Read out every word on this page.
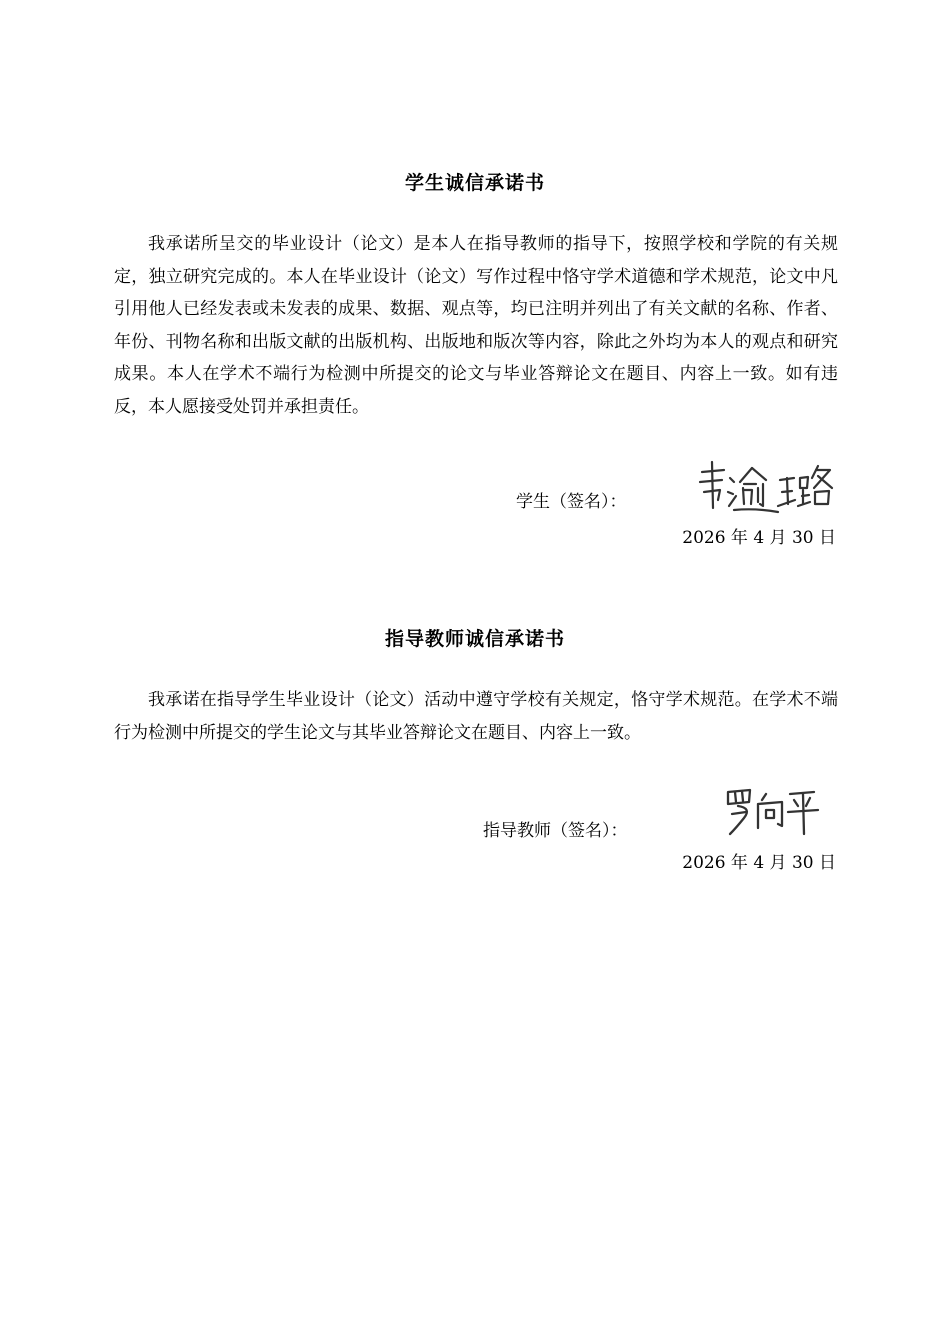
学生诚信承诺书

我承诺所呈交的毕业设计（论文）是本人在指导教师的指导下，按照学校和学院的有关规定，独立研究完成的。本人在毕业设计（论文）写作过程中恪守学术道德和学术规范，论文中凡引用他人已经发表或未发表的成果、数据、观点等，均已注明并列出了有关文献的名称、作者、年份、刊物名称和出版文献的出版机构、出版地和版次等内容，除此之外均为本人的观点和研究成果。本人在学术不端行为检测中所提交的论文与毕业答辩论文在题目、内容上一致。如有违反，本人愿接受处罚并承担责任。

学生（签名）：
2026 年 4 月 30 日
指导教师诚信承诺书

我承诺在指导学生毕业设计（论文）活动中遵守学校有关规定，恪守学术规范。在学术不端行为检测中所提交的学生论文与其毕业答辩论文在题目、内容上一致。

指导教师（签名）：
2026 年 4 月 30 日
